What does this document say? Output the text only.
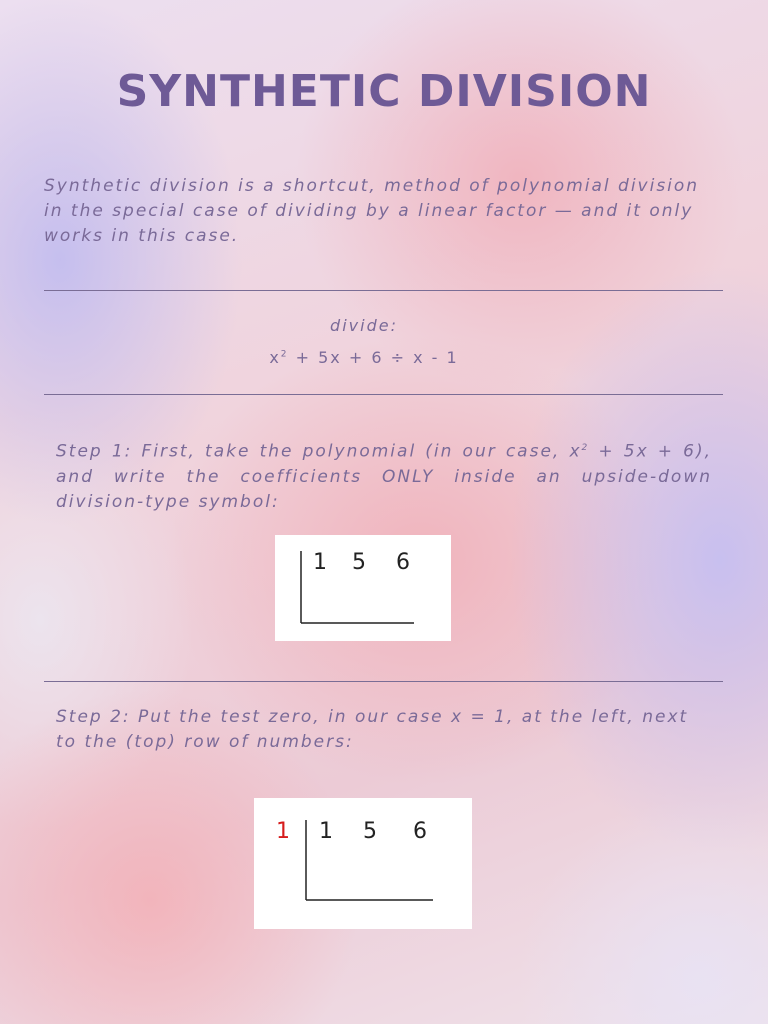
SYNTHETIC DIVISION

Synthetic division is a shortcut, method of polynomial division in the special case of dividing by a linear factor — and it only works in this case.

divide:
$x^2 + 5x + 6 \div x - 1$

Step 1: First, take the polynomial (in our case, $x^2 + 5x + 6$), and write the coefficients ONLY inside an upside-down division-type symbol:

1 5 6

Step 2: Put the test zero, in our case x = 1, at the left, next to the (top) row of numbers:

1 1 5 6
